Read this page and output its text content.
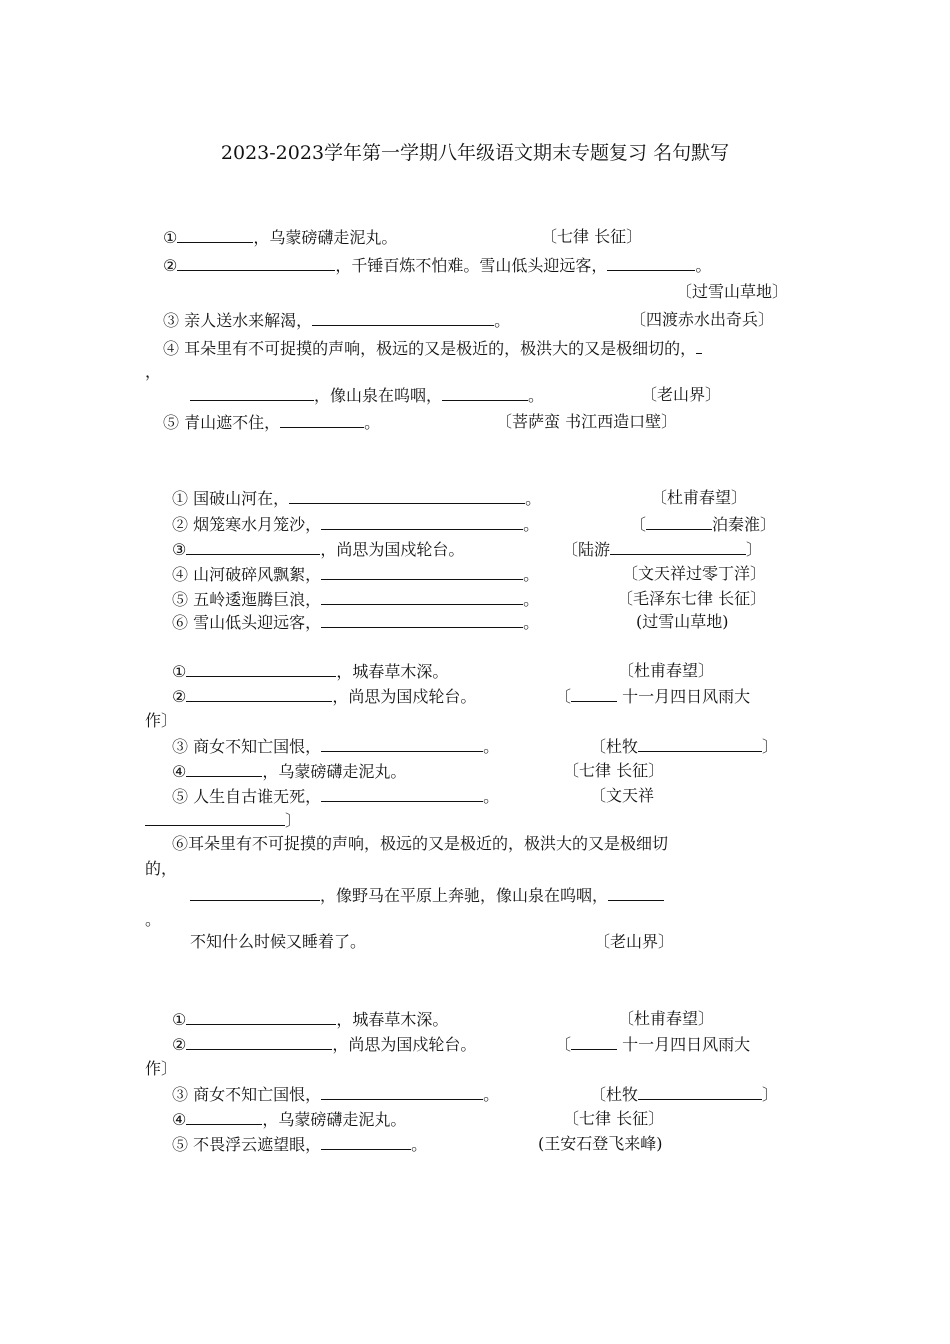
2023-2023学年第一学期八年级语文期末专题复习 名句默写
①	，乌蒙磅礴走泥丸。	〔七律 长征〕
②	，千锤百炼不怕难。雪山低头迎远客，	。
〔过雪山草地〕
③ 亲人送水来解渴，	。	〔四渡赤水出奇兵〕
④ 耳朵里有不可捉摸的声响，极远的又是极近的，极洪大的又是极细切的，
，
，像山泉在呜咽，	。	〔老山界〕
⑤ 青山遮不住，	。	〔菩萨蛮 书江西造口壁〕
① 国破山河在，	。	〔杜甫春望〕
② 烟笼寒水月笼沙，	。	〔	泊秦淮〕
③	，尚思为国戍轮台。	〔陆游	〕
④ 山河破碎风飘絮，	。	〔文天祥过零丁洋〕
⑤ 五岭逶迤腾巨浪，	。	〔毛泽东七律 长征〕
⑥ 雪山低头迎远客，	。	(过雪山草地)
①	，城春草木深。	〔杜甫春望〕
②	，尚思为国戍轮台。	〔	十一月四日风雨大
作〕
③ 商女不知亡国恨，	。	〔杜牧	〕
④	，乌蒙磅礴走泥丸。	〔七律 长征〕
⑤ 人生自古谁无死，	。	〔文天祥
〕
⑥耳朵里有不可捉摸的声响，极远的又是极近的，极洪大的又是极细切
的，
，像野马在平原上奔驰，像山泉在呜咽，
。
不知什么时候又睡着了。	〔老山界〕
①	，城春草木深。	〔杜甫春望〕
②	，尚思为国戍轮台。	〔	十一月四日风雨大
作〕
③ 商女不知亡国恨，	。	〔杜牧	〕
④	，乌蒙磅礴走泥丸。	〔七律 长征〕
⑤ 不畏浮云遮望眼，	。	(王安石登飞来峰)
